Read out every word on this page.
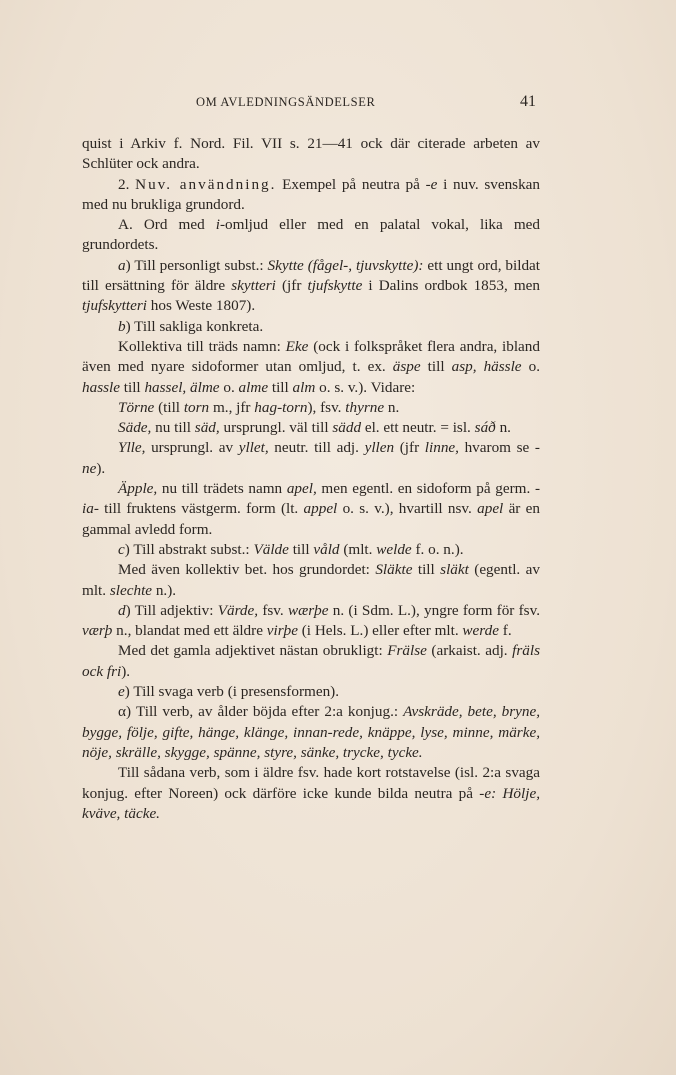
OM AVLEDNINGSÄNDELSER	41

quist i Arkiv f. Nord. Fil. VII s. 21—41 ock där citerade arbeten av Schlüter ock andra.

2. Nuv. användning. Exempel på neutra på -e i nuv. svenskan med nu brukliga grundord.

A. Ord med i-omljud eller med en palatal vokal, lika med grundordets.

a) Till personligt subst.: Skytte (fågel-, tjuvskytte): ett ungt ord, bildat till ersättning för äldre skytteri (jfr tjufskytte i Dalins ordbok 1853, men tjufskytteri hos Weste 1807).

b) Till sakliga konkreta.

Kollektiva till träds namn: Eke (ock i folkspråket flera andra, ibland även med nyare sidoformer utan omljud, t. ex. äspe till asp, hässle o. hassle till hassel, älme o. alme till alm o. s. v.). Vidare:

Törne (till torn m., jfr hag-torn), fsv. thyrne n.

Säde, nu till säd, ursprungl. väl till sädd el. ett neutr. = isl. sáð n.

Ylle, ursprungl. av yllet, neutr. till adj. yllen (jfr linne, hvarom se -ne).

Äpple, nu till trädets namn apel, men egentl. en sidoform på germ. -ia- till fruktens västgerm. form (lt. appel o. s. v.), hvartill nsv. apel är en gammal avledd form.

c) Till abstrakt subst.: Välde till våld (mlt. welde f. o. n.).

Med även kollektiv bet. hos grundordet: Släkte till släkt (egentl. av mlt. slechte n.).

d) Till adjektiv: Värde, fsv. wærþe n. (i Sdm. L.), yngre form för fsv. værþ n., blandat med ett äldre virþe (i Hels. L.) eller efter mlt. werde f.

Med det gamla adjektivet nästan obrukligt: Frälse (arkaist. adj. fräls ock fri).

e) Till svaga verb (i presensformen).

α) Till verb, av ålder böjda efter 2:a konjug.: Avskräde, bete, bryne, bygge, följe, gifte, hänge, klänge, innan-rede, knäppe, lyse, minne, märke, nöje, skrälle, skygge, spänne, styre, sänke, trycke, tycke.

Till sådana verb, som i äldre fsv. hade kort rotstavelse (isl. 2:a svaga konjug. efter Noreen) ock därföre icke kunde bilda neutra på -e: Hölje, kväve, täcke.
